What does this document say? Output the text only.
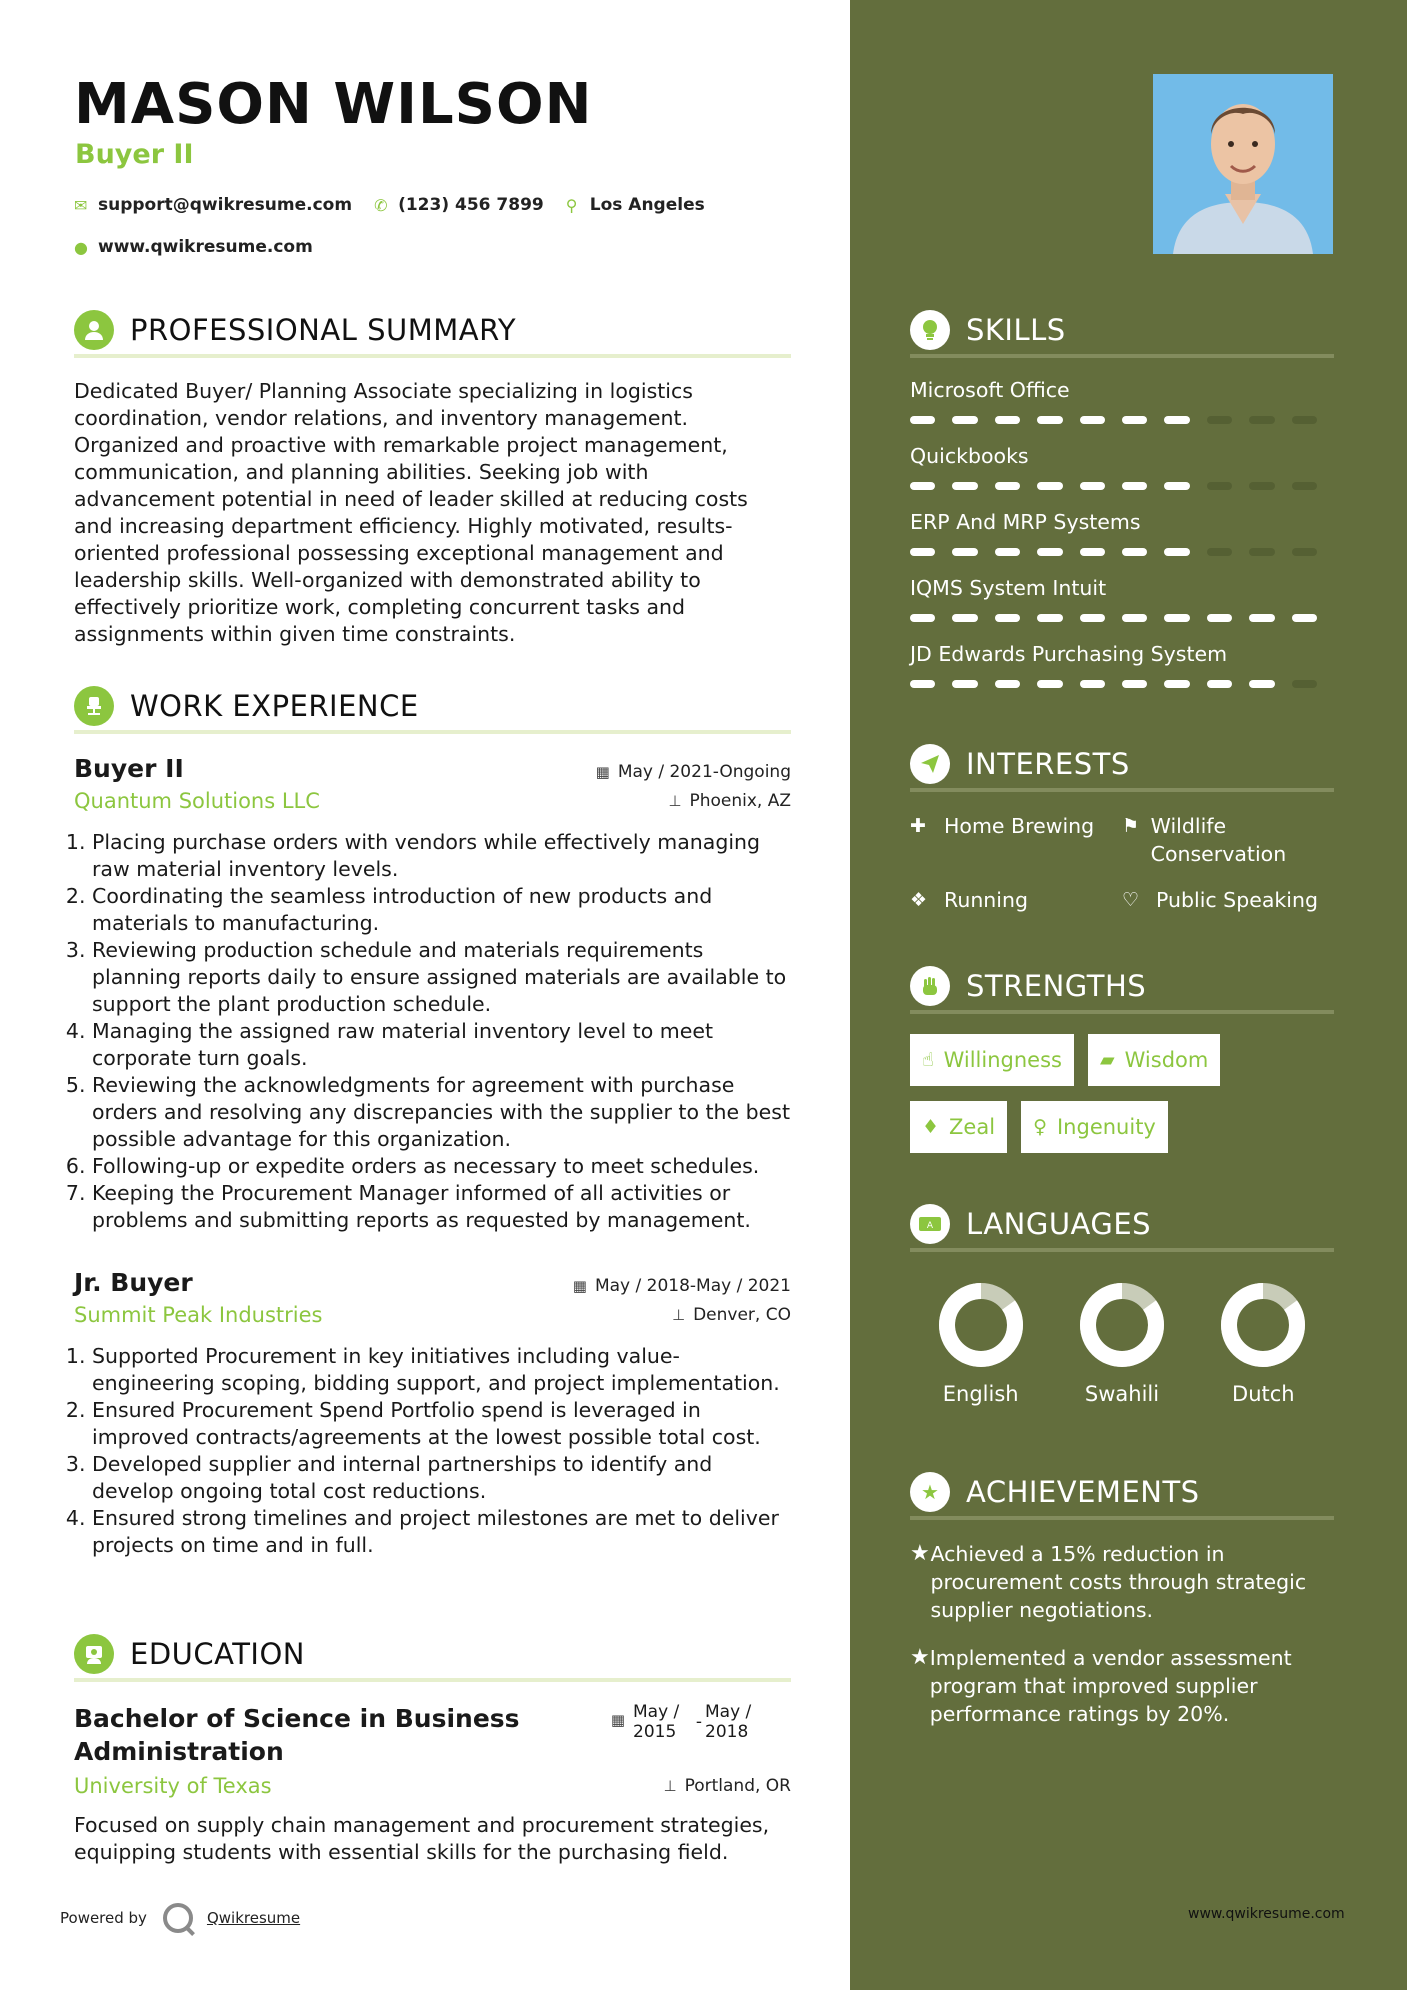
MASON WILSON
Buyer II
✉ support@qwikresume.com ✆ (123) 456 7899 ⚲ Los Angeles
● www.qwikresume.com
PROFESSIONAL SUMMARY
Dedicated Buyer/ Planning Associate specializing in logistics coordination, vendor relations, and inventory management. Organized and proactive with remarkable project management, communication, and planning abilities. Seeking job with advancement potential in need of leader skilled at reducing costs and increasing department efficiency. Highly motivated, results-oriented professional possessing exceptional management and leadership skills. Well-organized with demonstrated ability to effectively prioritize work, completing concurrent tasks and assignments within given time constraints.
WORK EXPERIENCE
Buyer II	▦ May / 2021-Ongoing
Quantum Solutions LLC	⊥ Phoenix, AZ
1. Placing purchase orders with vendors while effectively managing raw material inventory levels.
2. Coordinating the seamless introduction of new products and materials to manufacturing.
3. Reviewing production schedule and materials requirements planning reports daily to ensure assigned materials are available to support the plant production schedule.
4. Managing the assigned raw material inventory level to meet corporate turn goals.
5. Reviewing the acknowledgments for agreement with purchase orders and resolving any discrepancies with the supplier to the best possible advantage for this organization.
6. Following-up or expedite orders as necessary to meet schedules.
7. Keeping the Procurement Manager informed of all activities or problems and submitting reports as requested by management.
Jr. Buyer	▦ May / 2018-May / 2021
Summit Peak Industries	⊥ Denver, CO
1. Supported Procurement in key initiatives including value-engineering scoping, bidding support, and project implementation.
2. Ensured Procurement Spend Portfolio spend is leveraged in improved contracts/agreements at the lowest possible total cost.
3. Developed supplier and internal partnerships to identify and develop ongoing total cost reductions.
4. Ensured strong timelines and project milestones are met to deliver projects on time and in full.
EDUCATION
Bachelor of Science in Business Administration
▦ May / 2015	- May / 2018
University of Texas	⊥ Portland, OR
Focused on supply chain management and procurement strategies, equipping students with essential skills for the purchasing field.
Powered by	Qwikresume
SKILLS
Microsoft Office
Quickbooks
ERP And MRP Systems
IQMS System Intuit
JD Edwards Purchasing System
INTERESTS
✚ Home Brewing ⚑ Wildlife Conservation
❖ Running	♡ Public Speaking
STRENGTHS
☝ Willingness ▰ Wisdom
♦ Zeal ♀ Ingenuity
A LANGUAGES
English	Swahili	Dutch
★ ACHIEVEMENTS
★ Achieved a 15% reduction in procurement costs through strategic supplier negotiations.
★ Implemented a vendor assessment program that improved supplier performance ratings by 20%.
www.qwikresume.com
